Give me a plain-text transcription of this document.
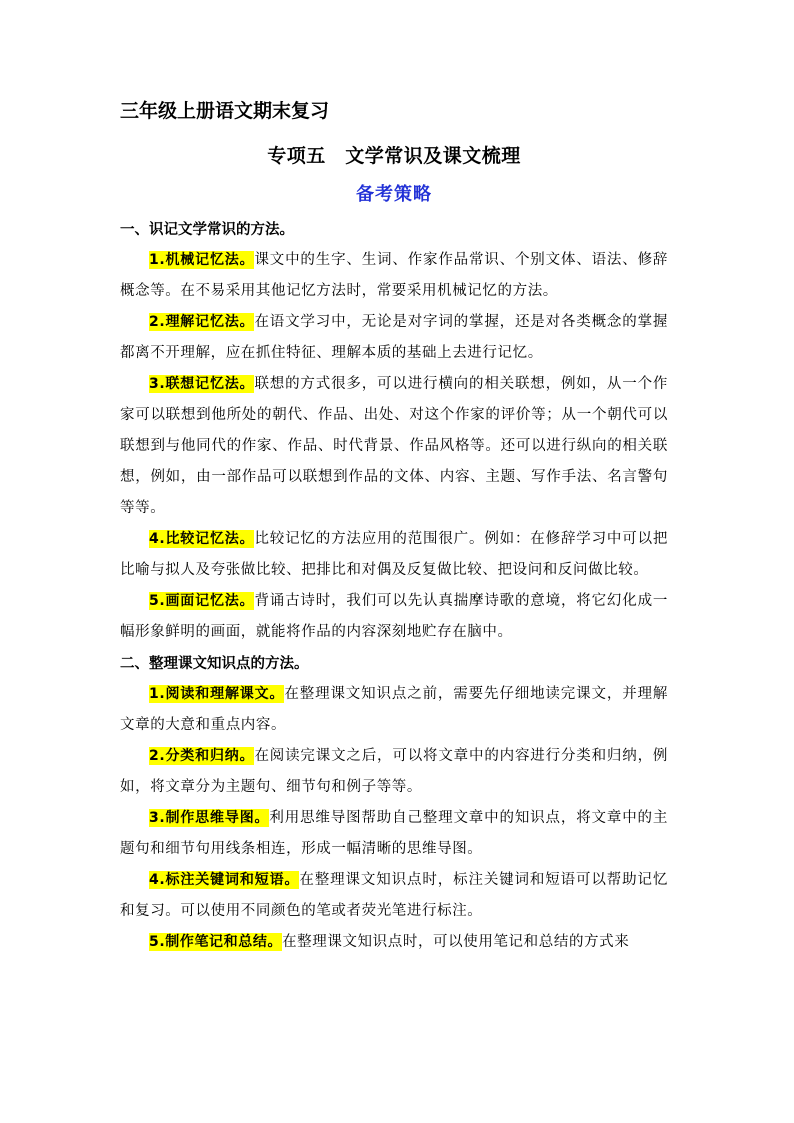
三年级上册语文期末复习
专项五　文学常识及课文梳理
备考策略
一、识记文学常识的方法。

1.机械记忆法。课文中的生字、生词、作家作品常识、个别文体、语法、修辞概念等。在不易采用其他记忆方法时，常要采用机械记忆的方法。

2.理解记忆法。在语文学习中，无论是对字词的掌握，还是对各类概念的掌握都离不开理解，应在抓住特征、理解本质的基础上去进行记忆。

3.联想记忆法。联想的方式很多，可以进行横向的相关联想，例如，从一个作家可以联想到他所处的朝代、作品、出处、对这个作家的评价等；从一个朝代可以联想到与他同代的作家、作品、时代背景、作品风格等。还可以进行纵向的相关联想，例如，由一部作品可以联想到作品的文体、内容、主题、写作手法、名言警句等等。

4.比较记忆法。比较记忆的方法应用的范围很广。例如：在修辞学习中可以把比喻与拟人及夸张做比较、把排比和对偶及反复做比较、把设问和反问做比较。

5.画面记忆法。背诵古诗时，我们可以先认真揣摩诗歌的意境，将它幻化成一幅形象鲜明的画面，就能将作品的内容深刻地贮存在脑中。

二、整理课文知识点的方法。

1.阅读和理解课文。在整理课文知识点之前，需要先仔细地读完课文，并理解文章的大意和重点内容。

2.分类和归纳。在阅读完课文之后，可以将文章中的内容进行分类和归纳，例如，将文章分为主题句、细节句和例子等等。

3.制作思维导图。利用思维导图帮助自己整理文章中的知识点，将文章中的主题句和细节句用线条相连，形成一幅清晰的思维导图。

4.标注关键词和短语。在整理课文知识点时，标注关键词和短语可以帮助记忆和复习。可以使用不同颜色的笔或者荧光笔进行标注。

5.制作笔记和总结。在整理课文知识点时，可以使用笔记和总结的方式来
